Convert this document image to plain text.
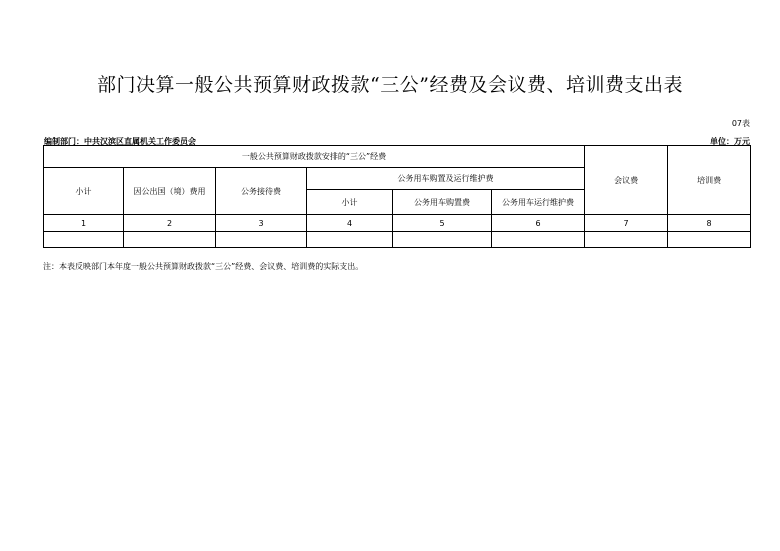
部门决算一般公共预算财政拨款“三公”经费及会议费、培训费支出表
07表
编制部门：中共汉滨区直属机关工作委员会	单位：万元
一般公共预算财政拨款安排的“三公”经费						会议费	培训费
小计	因公出国（境）费用	公务接待费	公务用车购置及运行维护费				
			小计	公务用车购置费	公务用车运行维护费		
1	2	3	4	5	6	7	8

注：本表反映部门本年度一般公共预算财政拨款“三公”经费、会议费、培训费的实际支出。
